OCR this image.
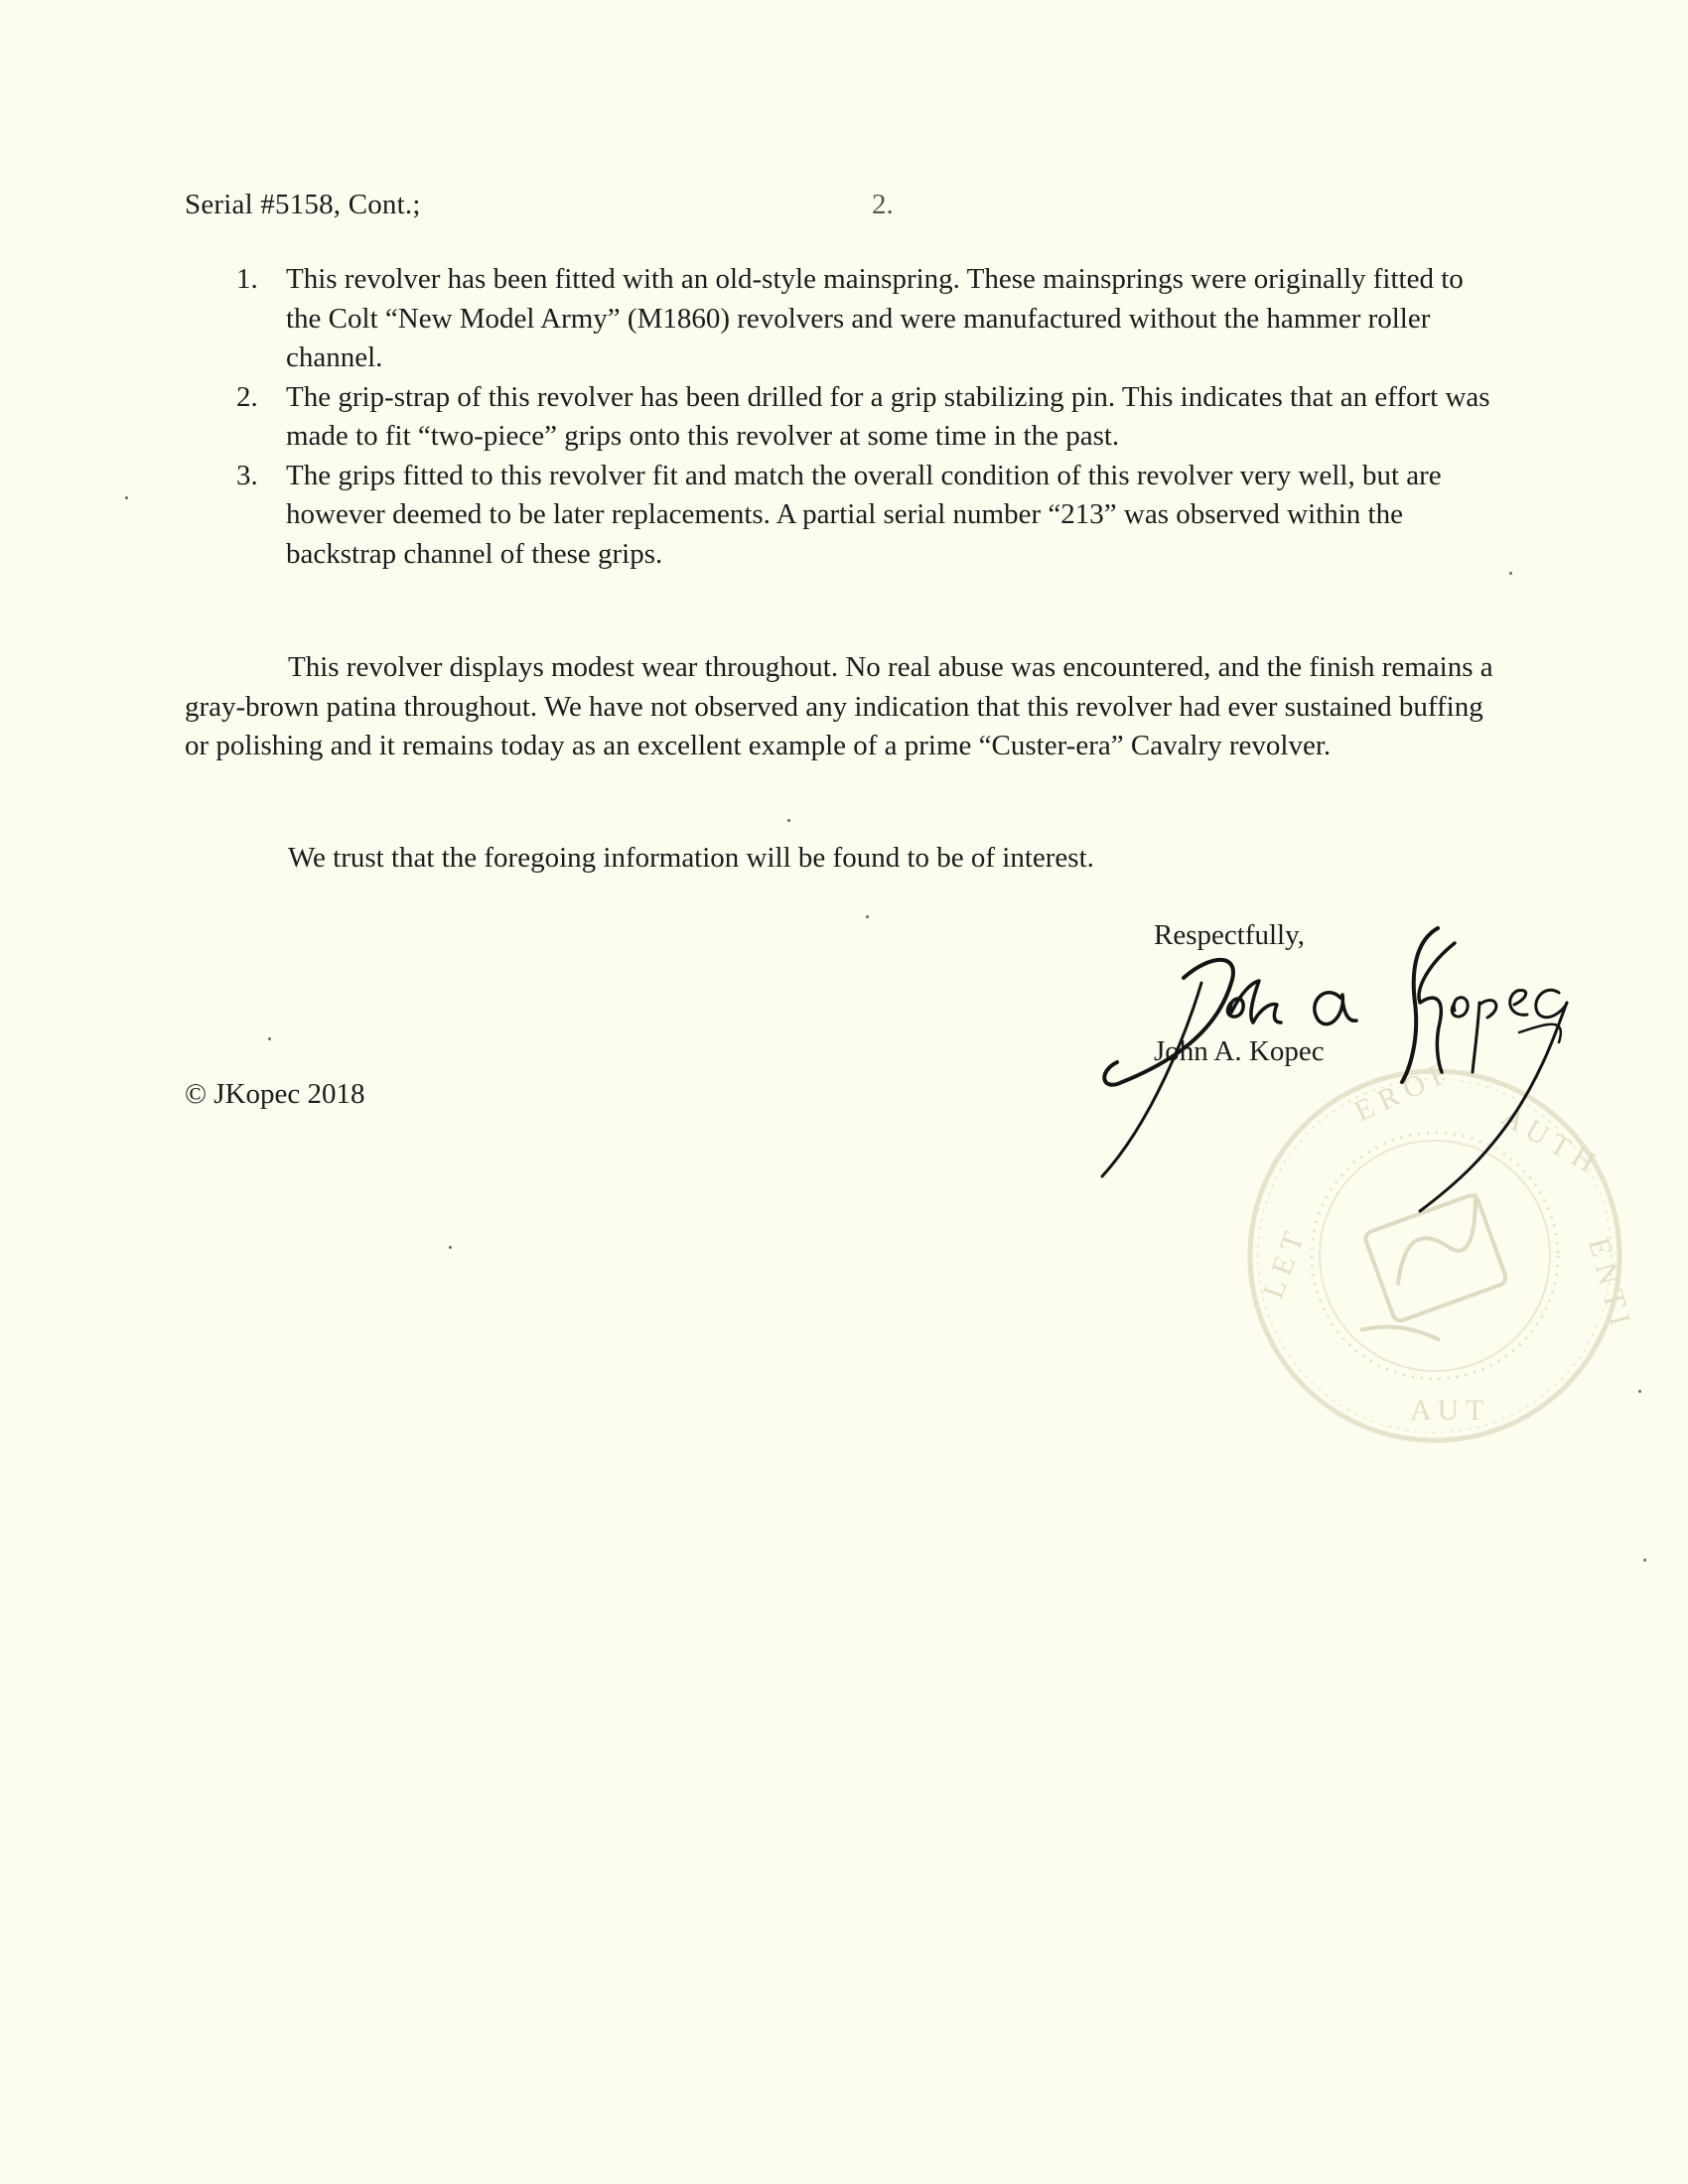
Serial #5158, Cont.;	2.
1. This revolver has been fitted with an old-style mainspring. These mainsprings were originally fitted to the Colt “New Model Army” (M1860) revolvers and were manufactured without the hammer roller channel.
2. The grip-strap of this revolver has been drilled for a grip stabilizing pin. This indicates that an effort was made to fit “two-piece” grips onto this revolver at some time in the past.
3. The grips fitted to this revolver fit and match the overall condition of this revolver very well, but are however deemed to be later replacements. A partial serial number “213” was observed within the backstrap channel of these grips.

This revolver displays modest wear throughout. No real abuse was encountered, and the finish remains a gray-brown patina throughout. We have not observed any indication that this revolver had ever sustained buffing or polishing and it remains today as an excellent example of a prime “Custer-era” Cavalry revolver.

We trust that the foregoing information will be found to be of interest.
Respectfully,
L E T
E R O F
A U T H
E N T I
A U T
John A. Kopec
© JKopec 2018
